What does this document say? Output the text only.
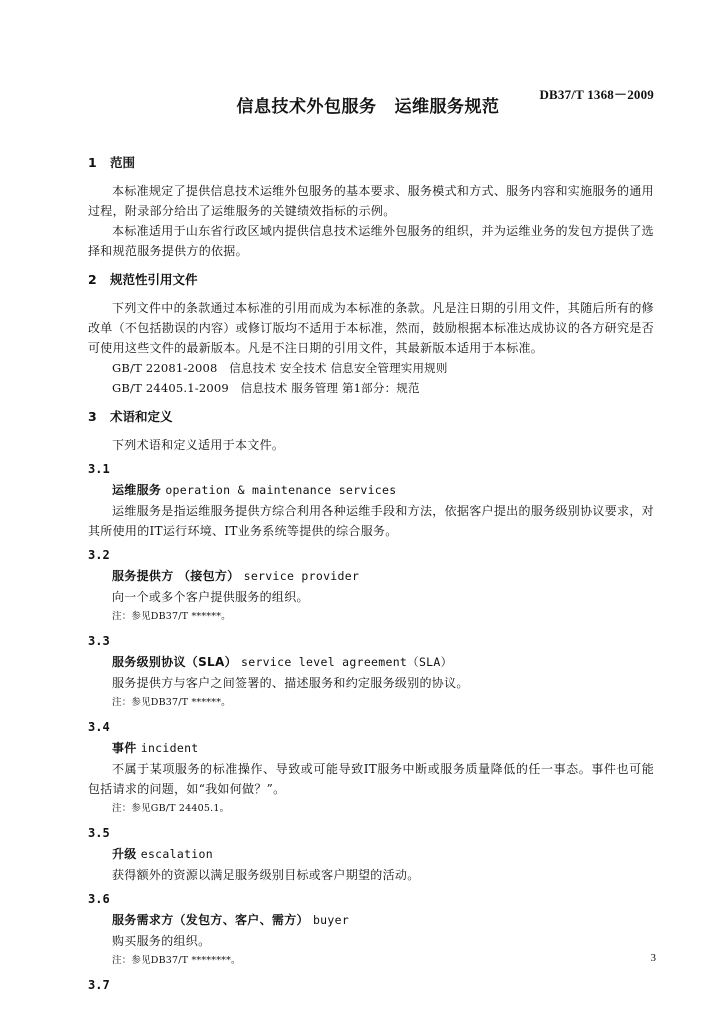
DB37/T 1368－2009
信息技术外包服务 运维服务规范
1 范围

本标准规定了提供信息技术运维外包服务的基本要求、服务模式和方式、服务内容和实施服务的通用过程，附录部分给出了运维服务的关键绩效指标的示例。

本标准适用于山东省行政区域内提供信息技术运维外包服务的组织，并为运维业务的发包方提供了选择和规范服务提供方的依据。

2 规范性引用文件

下列文件中的条款通过本标准的引用而成为本标准的条款。凡是注日期的引用文件，其随后所有的修改单（不包括勘误的内容）或修订版均不适用于本标准，然而，鼓励根据本标准达成协议的各方研究是否可使用这些文件的最新版本。凡是不注日期的引用文件，其最新版本适用于本标准。

GB/T 22081-2008　信息技术 安全技术 信息安全管理实用规则

GB/T 24405.1-2009　信息技术 服务管理 第1部分：规范

3 术语和定义

下列术语和定义适用于本文件。

3.1
运维服务 operation & maintenance services

运维服务是指运维服务提供方综合利用各种运维手段和方法，依据客户提出的服务级别协议要求，对其所使用的IT运行环境、IT业务系统等提供的综合服务。

3.2
服务提供方 （接包方） service provider

向一个或多个客户提供服务的组织。

注：参见DB37/T ******。
3.3
服务级别协议（SLA） service level agreement（SLA）

服务提供方与客户之间签署的、描述服务和约定服务级别的协议。

注：参见DB37/T ******。
3.4
事件 incident

不属于某项服务的标准操作、导致或可能导致IT服务中断或服务质量降低的任一事态。事件也可能包括请求的问题，如“我如何做？”。

注：参见GB/T 24405.1。
3.5
升级 escalation

获得额外的资源以满足服务级别目标或客户期望的活动。

3.6
服务需求方（发包方、客户、需方） buyer

购买服务的组织。

注：参见DB37/T ********。
3.7
3
